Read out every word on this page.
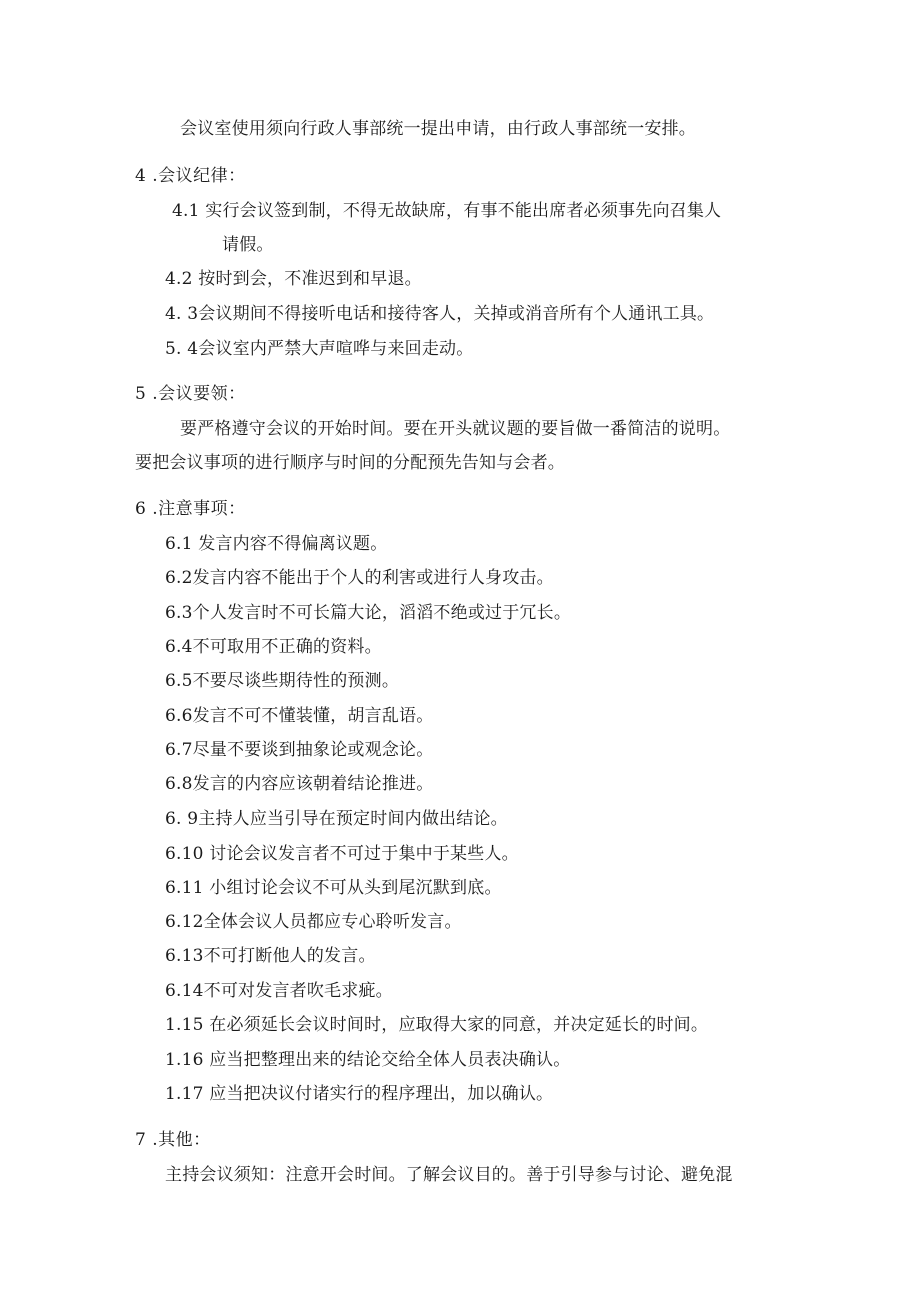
会议室使用须向行政人事部统一提出申请，由行政人事部统一安排。
4 .会议纪律：
4.1 实行会议签到制，不得无故缺席，有事不能出席者必须事先向召集人
请假。
4.2 按时到会，不准迟到和早退。
4. 3会议期间不得接听电话和接待客人，关掉或消音所有个人通讯工具。
5. 4会议室内严禁大声喧哗与来回走动。
5 .会议要领：
要严格遵守会议的开始时间。要在开头就议题的要旨做一番简洁的说明。
要把会议事项的进行顺序与时间的分配预先告知与会者。
6 .注意事项：
6.1 发言内容不得偏离议题。
6.2发言内容不能出于个人的利害或进行人身攻击。
6.3个人发言时不可长篇大论，滔滔不绝或过于冗长。
6.4不可取用不正确的资料。
6.5不要尽谈些期待性的预测。
6.6发言不可不懂装懂，胡言乱语。
6.7尽量不要谈到抽象论或观念论。
6.8发言的内容应该朝着结论推进。
6. 9主持人应当引导在预定时间内做出结论。
6.10 讨论会议发言者不可过于集中于某些人。
6.11 小组讨论会议不可从头到尾沉默到底。
6.12全体会议人员都应专心聆听发言。
6.13不可打断他人的发言。
6.14不可对发言者吹毛求疵。
1.15 在必须延长会议时间时，应取得大家的同意，并决定延长的时间。
1.16 应当把整理出来的结论交给全体人员表决确认。
1.17 应当把决议付诸实行的程序理出，加以确认。
7 .其他：
主持会议须知：注意开会时间。了解会议目的。善于引导参与讨论、避免混
